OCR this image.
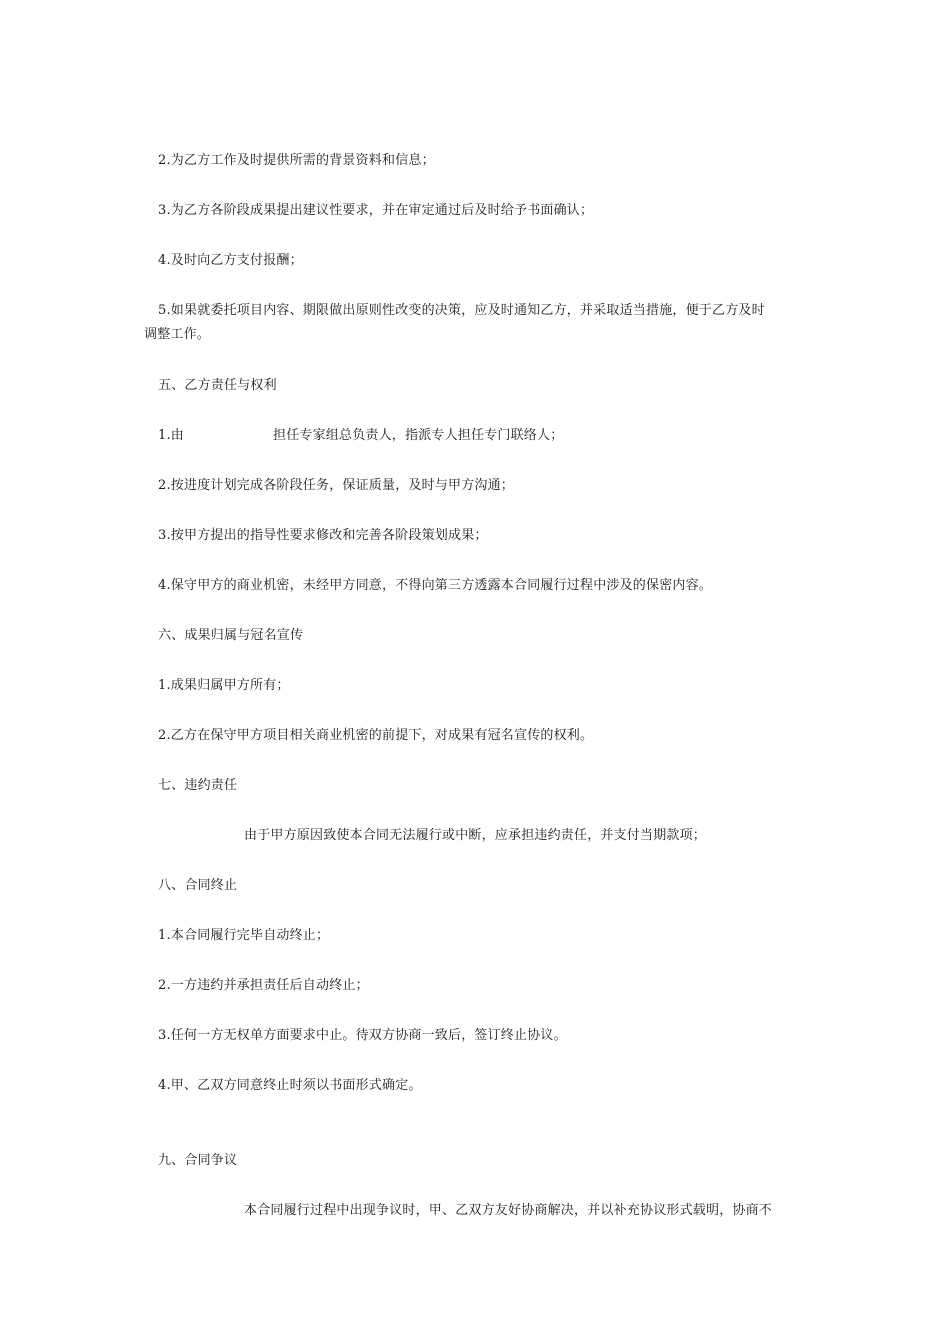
2.为乙方工作及时提供所需的背景资料和信息；
3.为乙方各阶段成果提出建议性要求，并在审定通过后及时给予书面确认；
4.及时向乙方支付报酬；
5.如果就委托项目内容、期限做出原则性改变的决策，应及时通知乙方，并采取适当措施，便于乙方及时
调整工作。
五、乙方责任与权利
1.由	担任专家组总负责人，指派专人担任专门联络人；
2.按进度计划完成各阶段任务，保证质量，及时与甲方沟通；
3.按甲方提出的指导性要求修改和完善各阶段策划成果；
4.保守甲方的商业机密，未经甲方同意，不得向第三方透露本合同履行过程中涉及的保密内容。
六、成果归属与冠名宣传
1.成果归属甲方所有；
2.乙方在保守甲方项目相关商业机密的前提下，对成果有冠名宣传的权利。
七、违约责任
由于甲方原因致使本合同无法履行或中断，应承担违约责任，并支付当期款项；
八、合同终止
1.本合同履行完毕自动终止；
2.一方违约并承担责任后自动终止；
3.任何一方无权单方面要求中止。待双方协商一致后，签订终止协议。
4.甲、乙双方同意终止时须以书面形式确定。
九、合同争议
本合同履行过程中出现争议时，甲、乙双方友好协商解决，并以补充协议形式载明，协商不
